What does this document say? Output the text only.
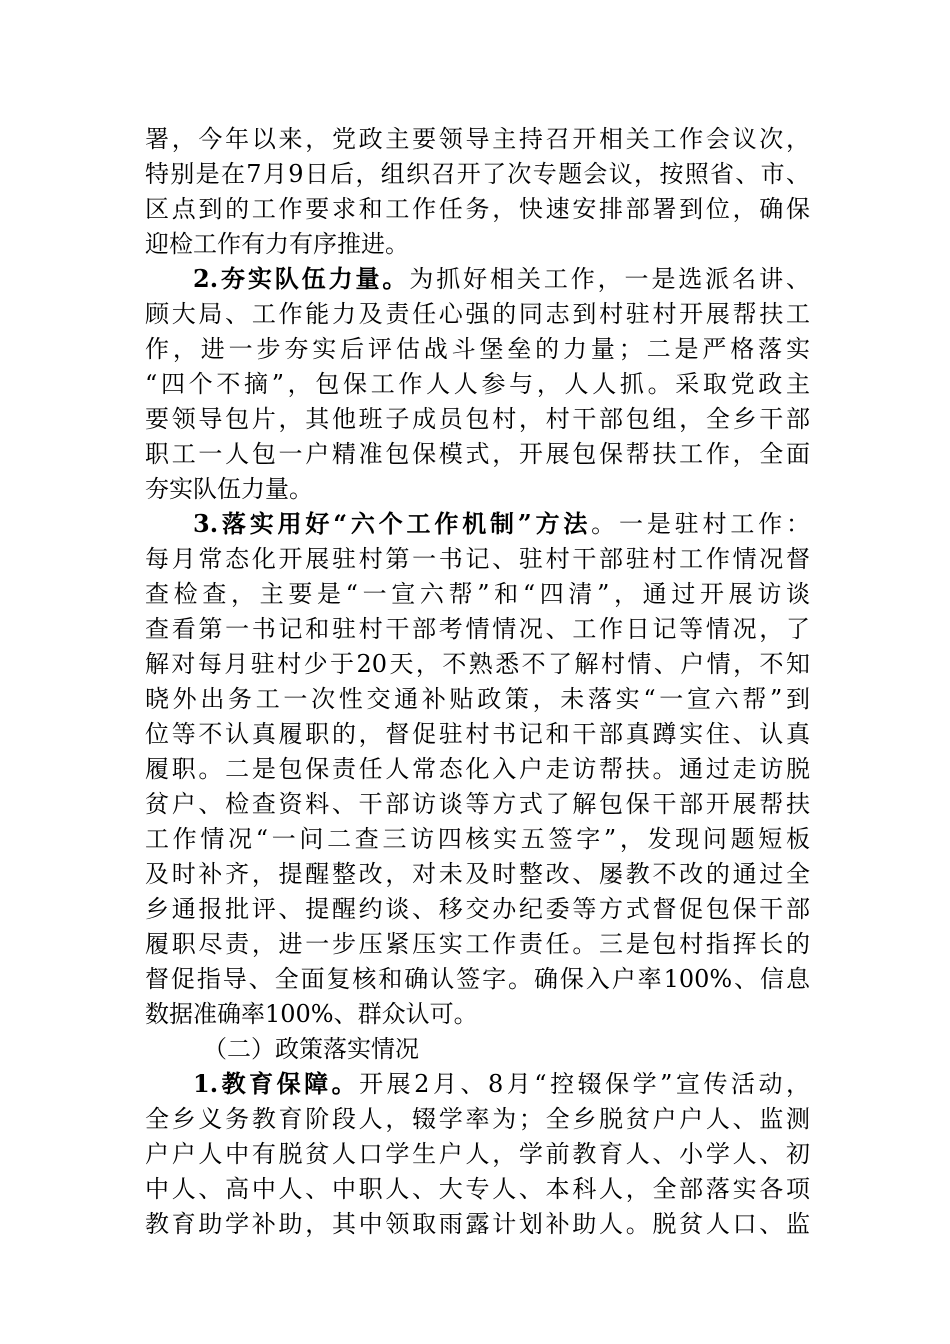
署，今年以来，党政主要领导主持召开相关工作会议次，
特别是在7月9日后，组织召开了次专题会议，按照省、市、
区点到的工作要求和工作任务，快速安排部署到位，确保
迎检工作有力有序推进。
2.夯实队伍力量。为抓好相关工作，一是选派名讲、
顾大局、工作能力及责任心强的同志到村驻村开展帮扶工
作，进一步夯实后评估战斗堡垒的力量；二是严格落实
“四个不摘”，包保工作人人参与，人人抓。采取党政主
要领导包片，其他班子成员包村，村干部包组，全乡干部
职工一人包一户精准包保模式，开展包保帮扶工作，全面
夯实队伍力量。
3.落实用好“六个工作机制”方法。一是驻村工作：
每月常态化开展驻村第一书记、驻村干部驻村工作情况督
查检查，主要是“一宣六帮”和“四清”，通过开展访谈
查看第一书记和驻村干部考情情况、工作日记等情况，了
解对每月驻村少于20天，不熟悉不了解村情、户情，不知
晓外出务工一次性交通补贴政策，未落实“一宣六帮”到
位等不认真履职的，督促驻村书记和干部真蹲实住、认真
履职。二是包保责任人常态化入户走访帮扶。通过走访脱
贫户、检查资料、干部访谈等方式了解包保干部开展帮扶
工作情况“一问二查三访四核实五签字”，发现问题短板
及时补齐，提醒整改，对未及时整改、屡教不改的通过全
乡通报批评、提醒约谈、移交办纪委等方式督促包保干部
履职尽责，进一步压紧压实工作责任。三是包村指挥长的
督促指导、全面复核和确认签字。确保入户率100%、信息
数据准确率100%、群众认可。
（二）政策落实情况
1.教育保障。开展2月、8月“控辍保学”宣传活动，
全乡义务教育阶段人，辍学率为；全乡脱贫户户人、监测
户户人中有脱贫人口学生户人，学前教育人、小学人、初
中人、高中人、中职人、大专人、本科人，全部落实各项
教育助学补助，其中领取雨露计划补助人。脱贫人口、监
